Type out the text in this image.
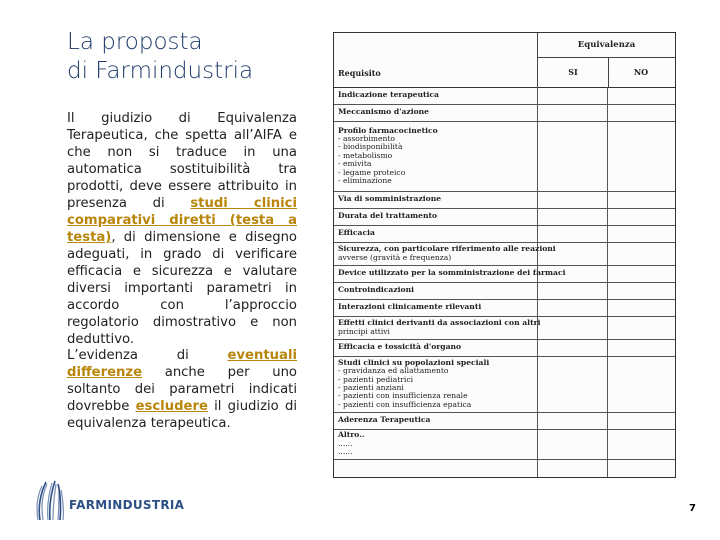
La proposta
di Farmindustria
Il giudizio di Equivalenza Terapeutica, che spetta all’AIFA e che non si traduce in una automatica sostituibilità tra prodotti, deve essere attribuito in presenza di studi clinici comparativi diretti (testa a testa), di dimensione e disegno adeguati, in grado di verificare efficacia e sicurezza e valutare diversi importanti parametri in accordo con l’approccio regolatorio dimostrativo e non deduttivo.
L’evidenza di eventuali differenze anche per uno soltanto dei parametri indicati dovrebbe escludere il giudizio di equivalenza terapeutica.
Equivalenza
Requisito	SI	NO
Indicazione terapeutica
Meccanismo d'azione
Profilo farmacocinetico
- assorbimento
- biodisponibilità
- metabolismo
- emivita
- legame proteico
- eliminazione
Via di somministrazione
Durata del trattamento
Efficacia
Sicurezza, con particolare riferimento alle reazioni
avverse (gravità e frequenza)
Device utilizzato per la somministrazione dei farmaci
Controindicazioni
Interazioni clinicamente rilevanti
Effetti clinici derivanti da associazioni con altri
principi attivi
Efficacia e tossicità d'organo
Studi clinici su popolazioni speciali
- gravidanza ed allattamento
- pazienti pediatrici
- pazienti anziani
- pazienti con insufficienza renale
- pazienti con insufficienza epatica
Aderenza Terapeutica
Altro..
......
......
FARMINDUSTRIA	7
